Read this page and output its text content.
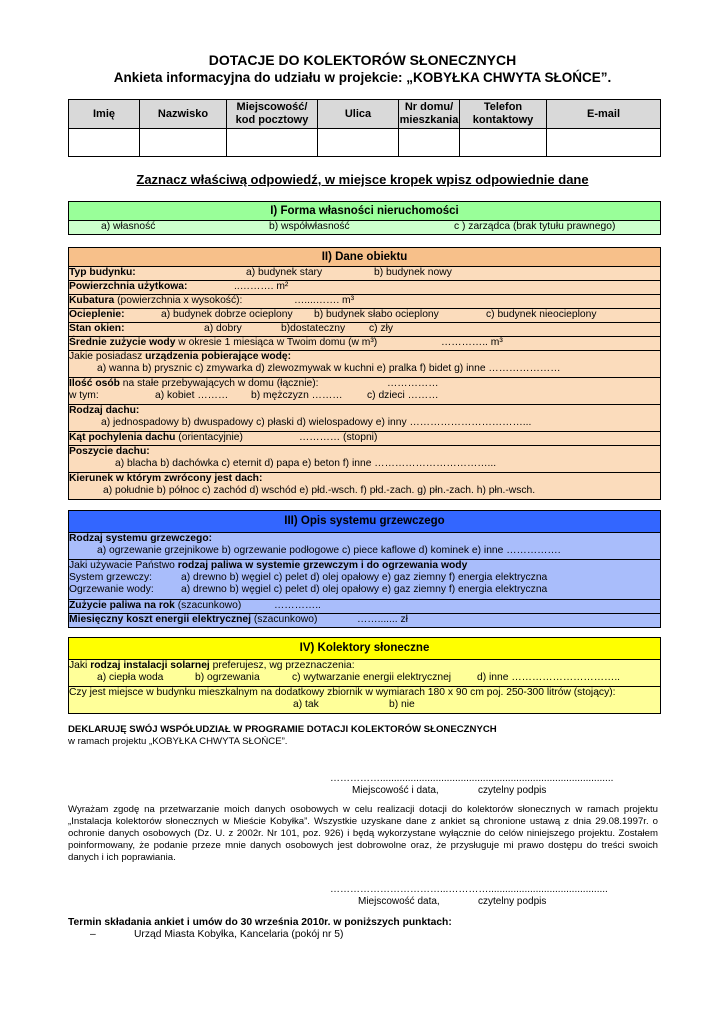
DOTACJE DO KOLEKTORÓW SŁONECZNYCH
Ankieta informacyjna do udziału w projekcie: „KOBYŁKA CHWYTA SŁOŃCE”.
Imię	Nazwisko	Miejscowość/ kod pocztowy	Ulica	Nr domu/ mieszkania	Telefon kontaktowy	E-mail

Zaznacz właściwą odpowiedź, w miejsce kropek wpisz odpowiednie dane
I) Forma własności nieruchomości
a) własność	b) współwłasność	c ) zarządca (brak tytułu prawnego)
II) Dane obiektu
Typ budynku:	a) budynek stary	b) budynek nowy
Powierzchnia użytkowa:	..………. m²
Kubatura (powierzchnia x wysokość):	…....……. m³
Ocieplenie:	a) budynek dobrze ocieplony b) budynek słabo ocieplony	c) budynek nieocieplony
Stan okien:	a) dobry	b)dostateczny c) zły
Średnie zużycie wody w okresie 1 miesiąca w Twoim domu (w m³)	………….. m³
Jakie posiadasz urządzenia pobierające wodę:
a) wanna b) prysznic c) zmywarka d) zlewozmywak w kuchni e) pralka f) bidet g) inne …………………
Ilość osób na stałe przebywających w domu (łącznie):	……………
w tym:	a) kobiet ……… b) mężczyzn ……… c) dzieci ………
Rodzaj dachu:
a) jednospadowy b) dwuspadowy c) płaski d) wielospadowy e) inny ……………………………...
Kąt pochylenia dachu (orientacyjnie)	………… (stopni)
Poszycie dachu:
a) blacha b) dachówka c) eternit d) papa e) beton f) inne ……………………………...
Kierunek w którym zwrócony jest dach:
a) południe b) północ c) zachód d) wschód e) płd.-wsch. f) płd.-zach. g) płn.-zach. h) płn.-wsch.
III) Opis systemu grzewczego
Rodzaj systemu grzewczego:
a) ogrzewanie grzejnikowe b) ogrzewanie podłogowe c) piece kaflowe d) kominek e) inne …………….
Jaki używacie Państwo rodzaj paliwa w systemie grzewczym i do ogrzewania wody
System grzewczy:	a) drewno b) węgiel c) pelet d) olej opałowy e) gaz ziemny f) energia elektryczna
Ogrzewanie wody:	a) drewno b) węgiel c) pelet d) olej opałowy e) gaz ziemny f) energia elektryczna
Zużycie paliwa na rok (szacunkowo)	…………..
Miesięczny koszt energii elektrycznej (szacunkowo)	……....... zł
IV) Kolektory słoneczne
Jaki rodzaj instalacji solarnej preferujesz, wg przeznaczenia:
a) ciepła woda	b) ogrzewania	c) wytwarzanie energii elektrycznej	d) inne …………………………..
Czy jest miejsce w budynku mieszkalnym na dodatkowy zbiornik w wymiarach 180 x 90 cm poj. 250-300 litrów (stojący):
a) tak	b) nie
DEKLARUJĘ SWÓJ WSPÓŁUDZIAŁ W PROGRAMIE DOTACJI KOLEKTORÓW SŁONECZNYCH
w ramach projektu „KOBYŁKA CHWYTA SŁOŃCE”.
……………....................................................................................
Miejscowość i data,	czytelny podpis
Wyrażam zgodę na przetwarzanie moich danych osobowych w celu realizacji dotacji do kolektorów słonecznych w ramach projektu „Instalacja kolektorów słonecznych w Mieście Kobyłka”. Wszystkie uzyskane dane z ankiet są chronione ustawą z dnia 29.08.1997r. o ochronie danych osobowych (Dz. U. z 2002r. Nr 101, poz. 926) i będą wykorzystane wyłącznie do celów niniejszego projektu. Zostałem poinformowany, że podanie przeze mnie danych osobowych jest dobrowolne oraz, że przysługuje mi prawo dostępu do treści swoich danych i ich poprawiania.
……………………………...…………...........................................
Miejscowość data,	czytelny podpis
Termin składania ankiet i umów do 30 września 2010r. w poniższych punktach:
–	Urząd Miasta Kobyłka, Kancelaria (pokój nr 5)
